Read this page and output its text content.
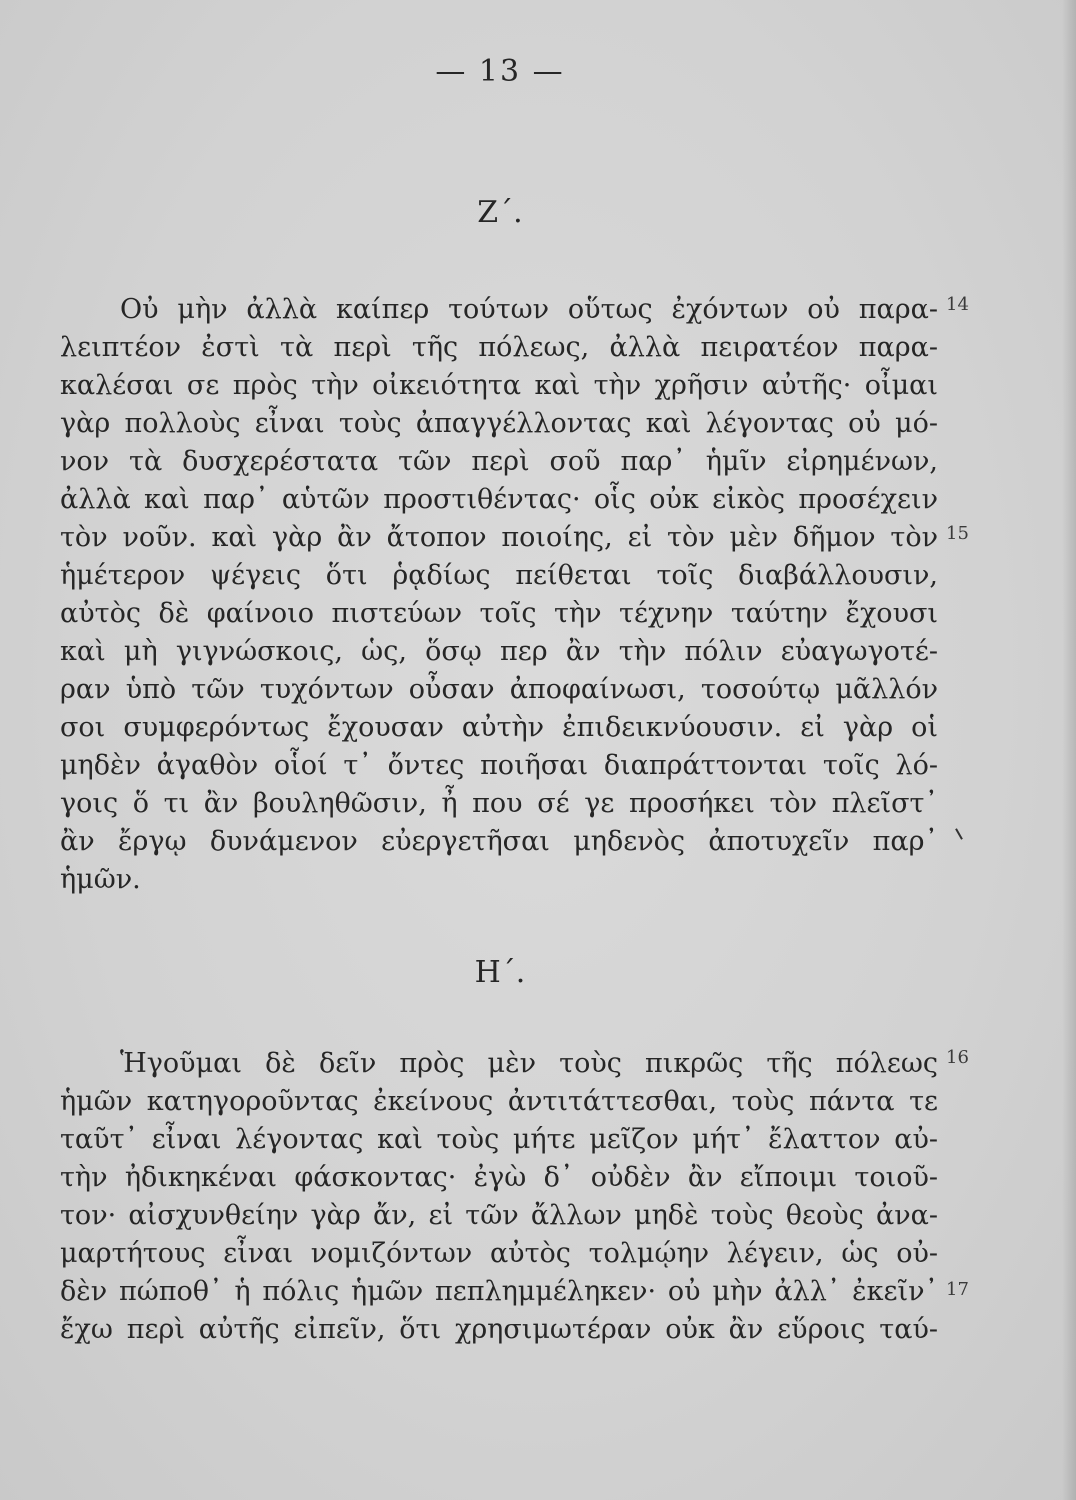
— 13 —
Ζ΄.
Οὐ μὴν ἀλλὰ καίπερ τούτων οὕτως ἐχόντων οὐ παρα-
λειπτέον ἐστὶ τὰ περὶ τῆς πόλεως, ἀλλὰ πειρατέον παρα-
καλέσαι σε πρὸς τὴν οἰκειότητα καὶ τὴν χρῆσιν αὐτῆς· οἶμαι
γὰρ πολλοὺς εἶναι τοὺς ἀπαγγέλλοντας καὶ λέγοντας οὐ μό-
νον τὰ δυσχερέστατα τῶν περὶ σοῦ παρ᾽ ἡμῖν εἰρημένων,
ἀλλὰ καὶ παρ᾽ αὑτῶν προστιθέντας· οἷς οὐκ εἰκὸς προσέχειν
τὸν νοῦν. καὶ γὰρ ἂν ἄτοπον ποιοίης, εἰ τὸν μὲν δῆμον τὸν
ἡμέτερον ψέγεις ὅτι ῥᾳδίως πείθεται τοῖς διαβάλλουσιν,
αὐτὸς δὲ φαίνοιο πιστεύων τοῖς τὴν τέχνην ταύτην ἔχουσι
καὶ μὴ γιγνώσκοις, ὡς, ὅσῳ περ ἂν τὴν πόλιν εὐαγωγοτέ-
ραν ὑπὸ τῶν τυχόντων οὖσαν ἀποφαίνωσι, τοσούτῳ μᾶλλόν
σοι συμφερόντως ἔχουσαν αὐτὴν ἐπιδεικνύουσιν. εἰ γὰρ οἱ
μηδὲν ἀγαθὸν οἷοί τ᾽ ὄντες ποιῆσαι διαπράττονται τοῖς λό-
γοις ὅ τι ἂν βουληθῶσιν, ἦ που σέ γε προσήκει τὸν πλεῖστ᾽
ἂν ἔργῳ δυνάμενον εὐεργετῆσαι μηδενὸς ἀποτυχεῖν παρ᾽
ἡμῶν.
14
15
Η΄.
Ἡγοῦμαι δὲ δεῖν πρὸς μὲν τοὺς πικρῶς τῆς πόλεως
ἡμῶν κατηγοροῦντας ἐκείνους ἀντιτάττεσθαι, τοὺς πάντα τε
ταῦτ᾽ εἶναι λέγοντας καὶ τοὺς μήτε μεῖζον μήτ᾽ ἔλαττον αὐ-
τὴν ἠδικηκέναι φάσκοντας· ἐγὼ δ᾽ οὐδὲν ἂν εἴποιμι τοιοῦ-
τον· αἰσχυνθείην γὰρ ἄν, εἰ τῶν ἄλλων μηδὲ τοὺς θεοὺς ἀνα-
μαρτήτους εἶναι νομιζόντων αὐτὸς τολμῴην λέγειν, ὡς οὐ-
δὲν πώποθ᾽ ἡ πόλις ἡμῶν πεπλημμέληκεν· οὐ μὴν ἀλλ᾽ ἐκεῖν᾽
ἔχω περὶ αὐτῆς εἰπεῖν, ὅτι χρησιμωτέραν οὐκ ἂν εὕροις ταύ-
16
17
